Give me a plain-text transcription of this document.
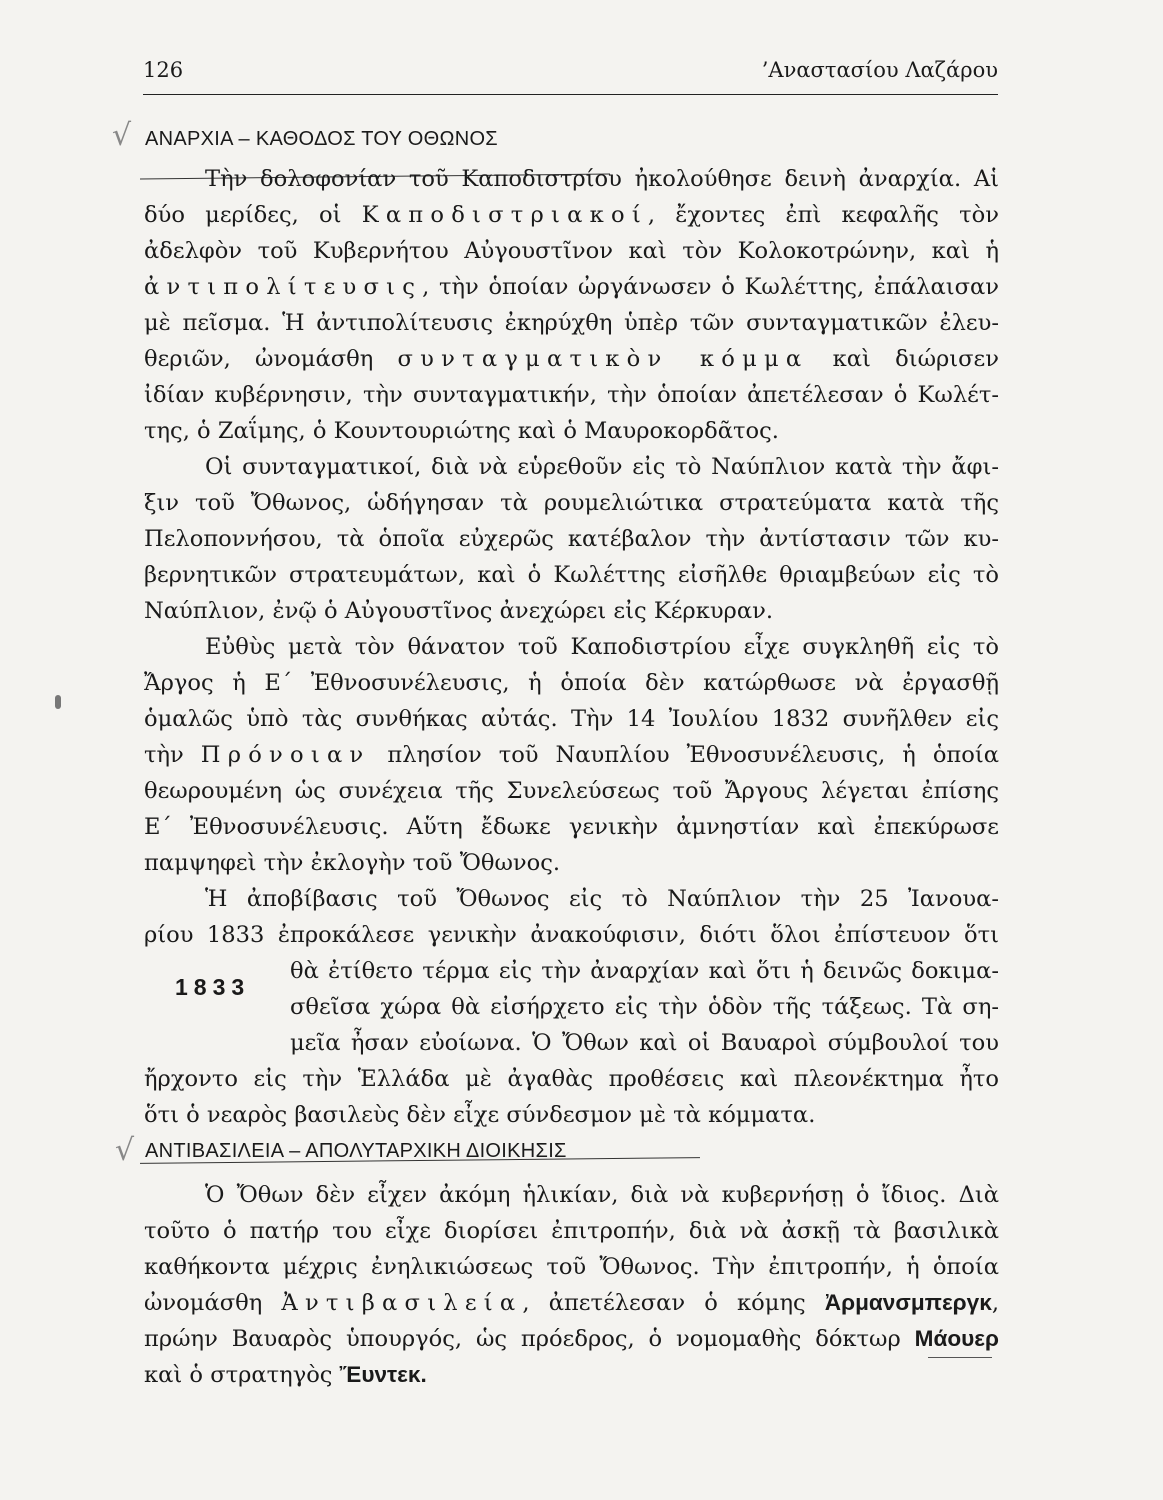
126	’Αναστασίου Λαζάρου
√ ΑΝΑΡΧΙΑ – ΚΑΘΟΔΟΣ ΤΟΥ ΟΘΩΝΟΣ
Τὴν δολοφονίαν τοῦ Καποδιστρίου ἠκολούθησε δεινὴ ἀναρχία. Αἱ
δύο μερίδες, οἱ Καποδιστριακοί, ἔχοντες ἐπὶ κεφαλῆς τὸν
ἀδελφὸν τοῦ Κυβερνήτου Αὐγουστῖνον καὶ τὸν Κολοκοτρώνην, καὶ ἡ
ἀντιπολίτευσις, τὴν ὁποίαν ὠργάνωσεν ὁ Κωλέττης, ἐπάλαισαν
μὲ πεῖσμα. Ἡ ἀντιπολίτευσις ἐκηρύχθη ὑπὲρ τῶν συνταγματικῶν ἐλευ-
θεριῶν, ὠνομάσθη συνταγματικὸν κόμμα καὶ διώρισεν
ἰδίαν κυβέρνησιν, τὴν συνταγματικήν, τὴν ὁποίαν ἀπετέλεσαν ὁ Κωλέτ-
της, ὁ Ζαΐμης, ὁ Κουντουριώτης καὶ ὁ Μαυροκορδᾶτος.
Οἱ συνταγματικοί, διὰ νὰ εὑρεθοῦν εἰς τὸ Ναύπλιον κατὰ τὴν ἄφι-
ξιν τοῦ Ὄθωνος, ὡδήγησαν τὰ ρουμελιώτικα στρατεύματα κατὰ τῆς
Πελοποννήσου, τὰ ὁποῖα εὐχερῶς κατέβαλον τὴν ἀντίστασιν τῶν κυ-
βερνητικῶν στρατευμάτων, καὶ ὁ Κωλέττης εἰσῆλθε θριαμβεύων εἰς τὸ
Ναύπλιον, ἐνῷ ὁ Αὐγουστῖνος ἀνεχώρει εἰς Κέρκυραν.
Εὐθὺς μετὰ τὸν θάνατον τοῦ Καποδιστρίου εἶχε συγκληθῆ εἰς τὸ
Ἄργος ἡ Ε΄ Ἐθνοσυνέλευσις, ἡ ὁποία δὲν κατώρθωσε νὰ ἐργασθῇ
ὁμαλῶς ὑπὸ τὰς συνθήκας αὐτάς. Τὴν 14 Ἰουλίου 1832 συνῆλθεν εἰς
τὴν Πρόνοιαν πλησίον τοῦ Ναυπλίου Ἐθνοσυνέλευσις, ἡ ὁποία
θεωρουμένη ὡς συνέχεια τῆς Συνελεύσεως τοῦ Ἄργους λέγεται ἐπίσης
Ε΄ Ἐθνοσυνέλευσις. Αὕτη ἔδωκε γενικὴν ἀμνηστίαν καὶ ἐπεκύρωσε
παμψηφεὶ τὴν ἐκλογὴν τοῦ Ὄθωνος.
Ἡ ἀποβίβασις τοῦ Ὄθωνος εἰς τὸ Ναύπλιον τὴν 25 Ἰανουα-
ρίου 1833 ἐπροκάλεσε γενικὴν ἀνακούφισιν, διότι ὅλοι ἐπίστευον ὅτι
θὰ ἐτίθετο τέρμα εἰς τὴν ἀναρχίαν καὶ ὅτι ἡ δεινῶς δοκιμα-
1833
σθεῖσα χώρα θὰ εἰσήρχετο εἰς τὴν ὁδὸν τῆς τάξεως. Τὰ ση-
μεῖα ἦσαν εὐοίωνα. Ὁ Ὄθων καὶ οἱ Βαυαροὶ σύμβουλοί του
ἤρχοντο εἰς τὴν Ἑλλάδα μὲ ἀγαθὰς προθέσεις καὶ πλεονέκτημα ἦτο
ὅτι ὁ νεαρὸς βασιλεὺς δὲν εἶχε σύνδεσμον μὲ τὰ κόμματα.
√ ΑΝΤΙΒΑΣΙΛΕΙΑ – ΑΠΟΛΥΤΑΡΧΙΚΗ ΔΙΟΙΚΗΣΙΣ
Ὁ Ὄθων δὲν εἶχεν ἀκόμη ἡλικίαν, διὰ νὰ κυβερνήσῃ ὁ ἴδιος. Διὰ
τοῦτο ὁ πατήρ του εἶχε διορίσει ἐπιτροπήν, διὰ νὰ ἀσκῇ τὰ βασιλικὰ
καθήκοντα μέχρις ἐνηλικιώσεως τοῦ Ὄθωνος. Τὴν ἐπιτροπήν, ἡ ὁποία
ὠνομάσθη Ἀντιβασιλεία, ἀπετέλεσαν ὁ κόμης Ἀρμανσμπεργκ,
πρώην Βαυαρὸς ὑπουργός, ὡς πρόεδρος, ὁ νομομαθὴς δόκτωρ Μάουερ
καὶ ὁ στρατηγὸς Ἔυντεκ.
